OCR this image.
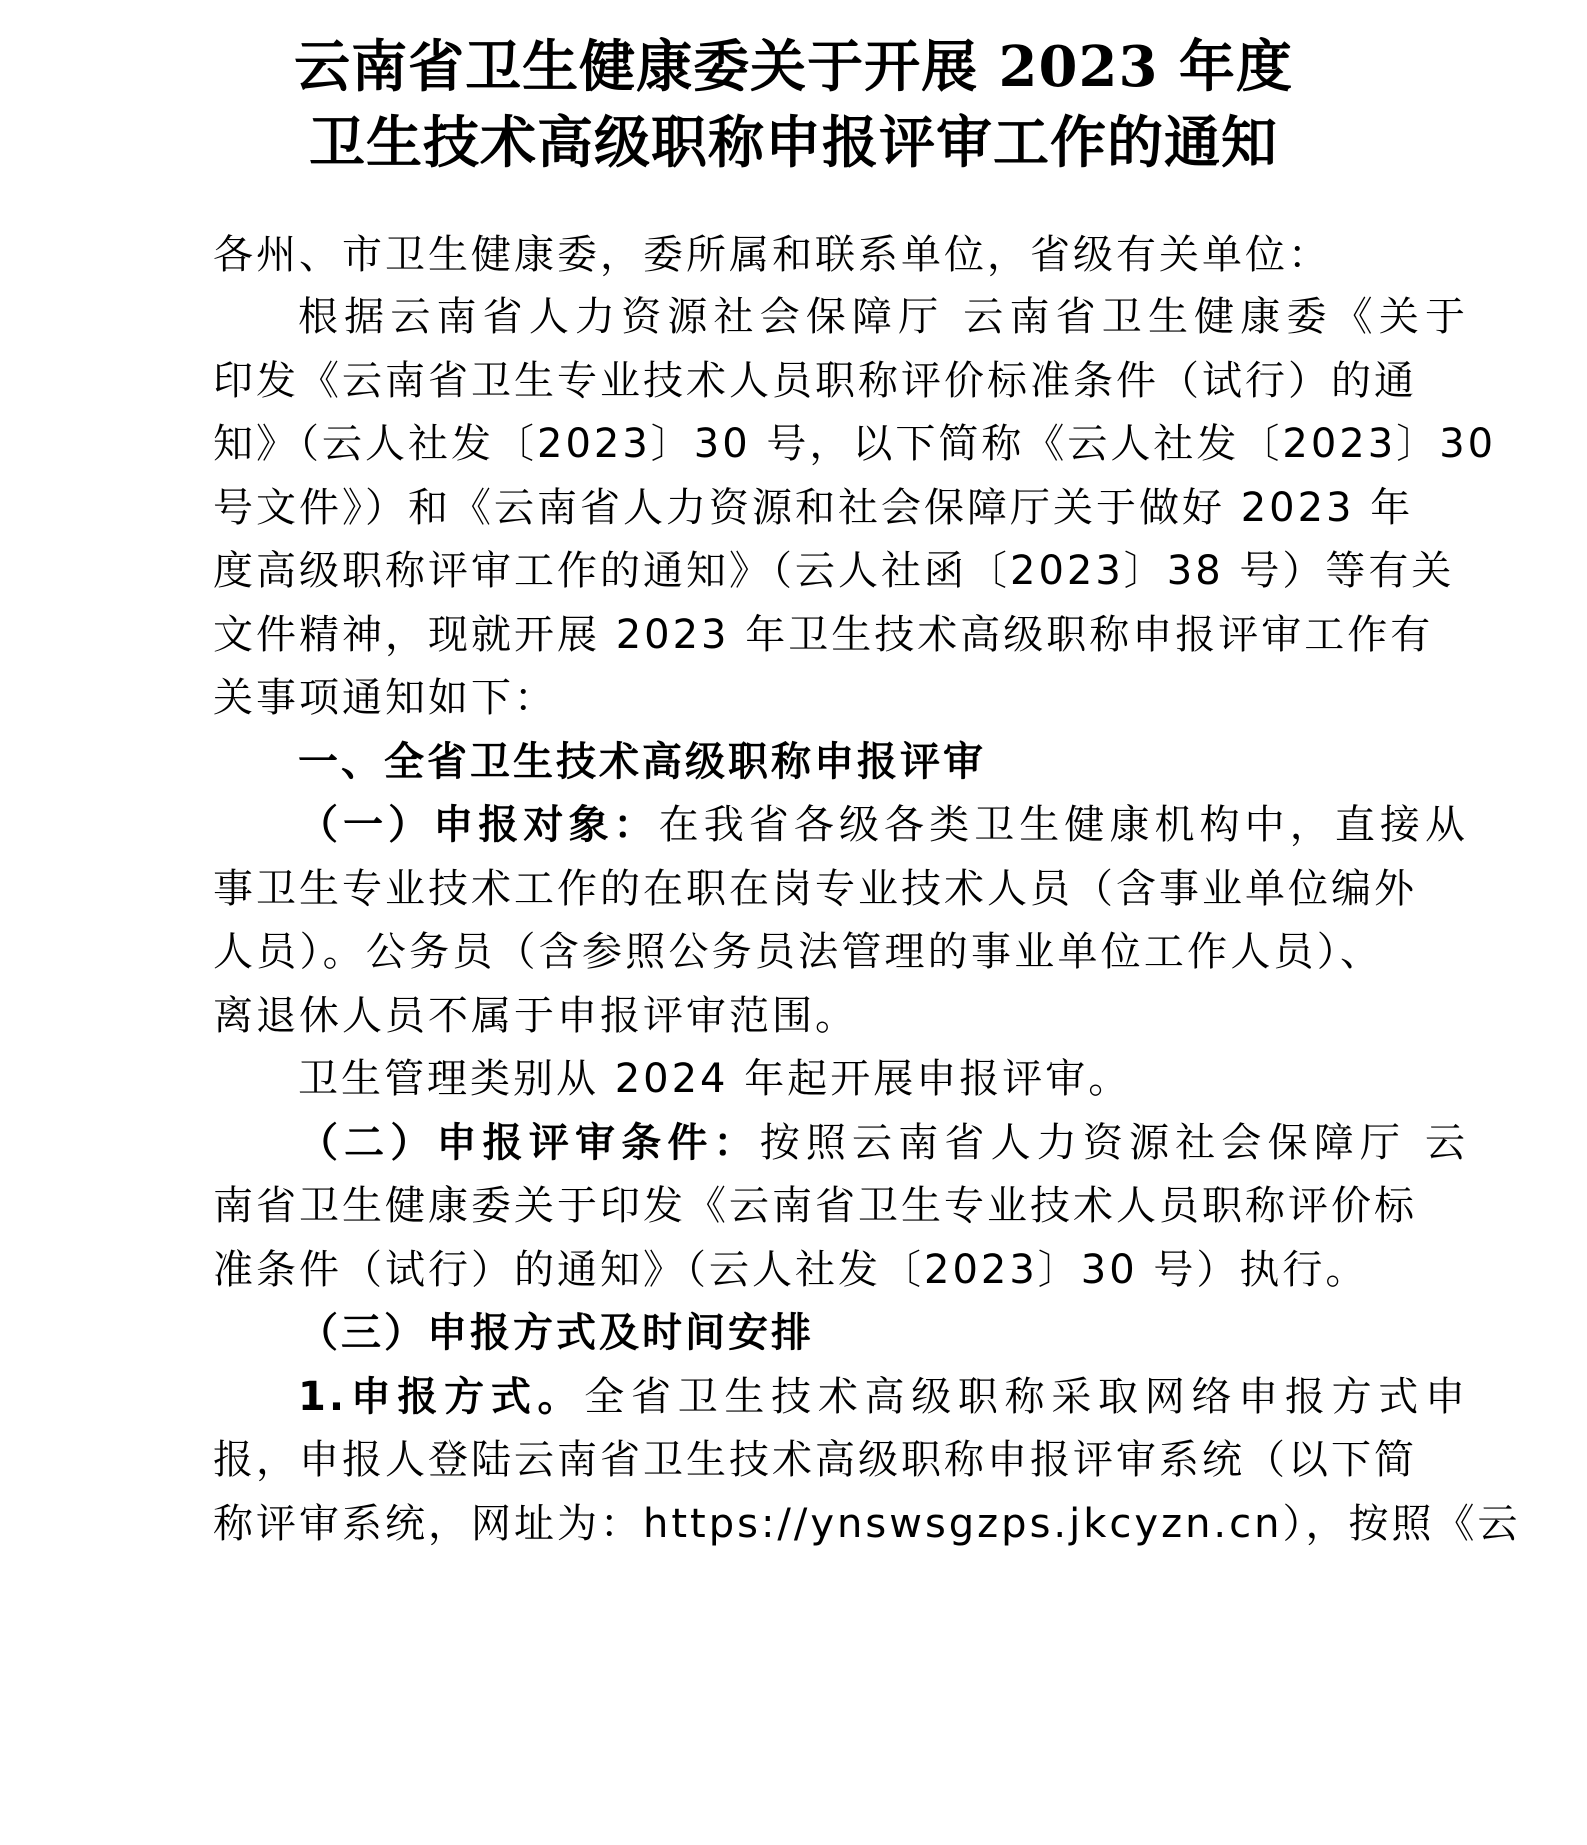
云南省卫生健康委关于开展 2023 年度
卫生技术高级职称申报评审工作的通知
各州、市卫生健康委，委所属和联系单位，省级有关单位：
根据云南省人力资源社会保障厅 云南省卫生健康委《关于
印发《云南省卫生专业技术人员职称评价标准条件（试行）的通
知》（云人社发〔2023〕30 号，以下简称《云人社发〔2023〕30
号文件》）和《云南省人力资源和社会保障厅关于做好 2023 年
度高级职称评审工作的通知》（云人社函〔2023〕38 号）等有关
文件精神，现就开展 2023 年卫生技术高级职称申报评审工作有
关事项通知如下：
一、全省卫生技术高级职称申报评审
（一）申报对象：在我省各级各类卫生健康机构中，直接从
事卫生专业技术工作的在职在岗专业技术人员（含事业单位编外
人员）。公务员（含参照公务员法管理的事业单位工作人员）、
离退休人员不属于申报评审范围。
卫生管理类别从 2024 年起开展申报评审。
（二）申报评审条件：按照云南省人力资源社会保障厅 云
南省卫生健康委关于印发《云南省卫生专业技术人员职称评价标
准条件（试行）的通知》（云人社发〔2023〕30 号）执行。
（三）申报方式及时间安排
1.申报方式。全省卫生技术高级职称采取网络申报方式申
报，申报人登陆云南省卫生技术高级职称申报评审系统（以下简
称评审系统，网址为：https://ynswsgzps.jkcyzn.cn），按照《云
